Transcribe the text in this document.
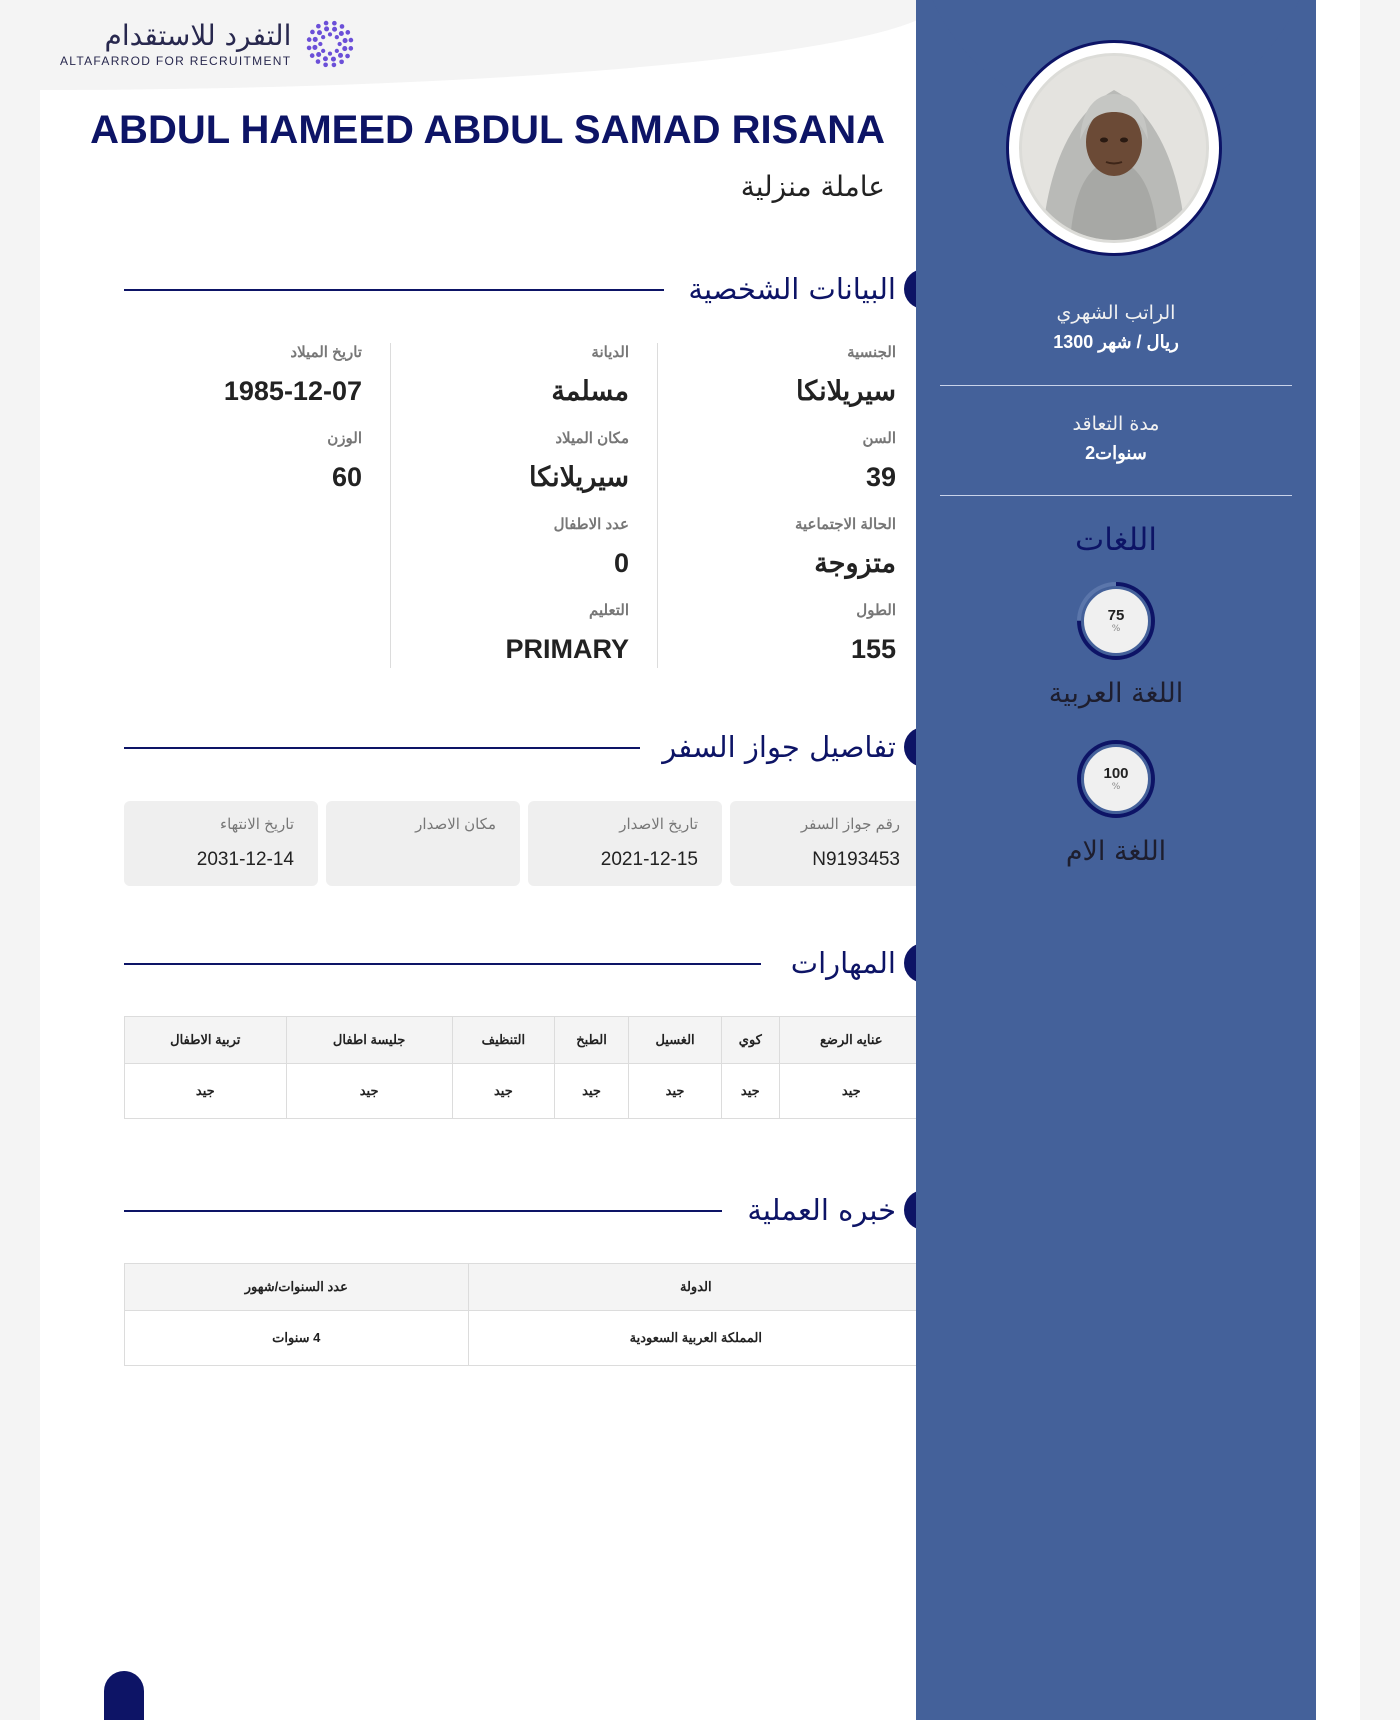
التفرد للاستقدام
ALTAFARROD FOR RECRUITMENT
ABDUL HAMEED ABDUL SAMAD RISANA
عاملة منزلية
البيانات الشخصية
الجنسية
سيريلانكا
السن
39
الحالة الاجتماعية
متزوجة
الطول
155
الديانة
مسلمة
مكان الميلاد
سيريلانكا
عدد الاطفال
0
التعليم
PRIMARY
تاريخ الميلاد
1985-12-07
الوزن
60
تفاصيل جواز السفر
رقم جواز السفر
N9193453
تاريخ الاصدار
2021-12-15
مكان الاصدار
تاريخ الانتهاء
2031-12-14
المهارات
عنايه الرضع	كوي	الغسيل	الطبخ	التنظيف	جليسة اطفال	تربية الاطفال
جيد	جيد	جيد	جيد	جيد	جيد	جيد
خبره العملية
الدولة	عدد السنوات/شهور
المملكة العربية السعودية	4 سنوات
الراتب الشهري
1300 ريال / شهر
مدة التعاقد
2سنوات
اللغات
75
%
اللغة العربية
100
%
اللغة الام
